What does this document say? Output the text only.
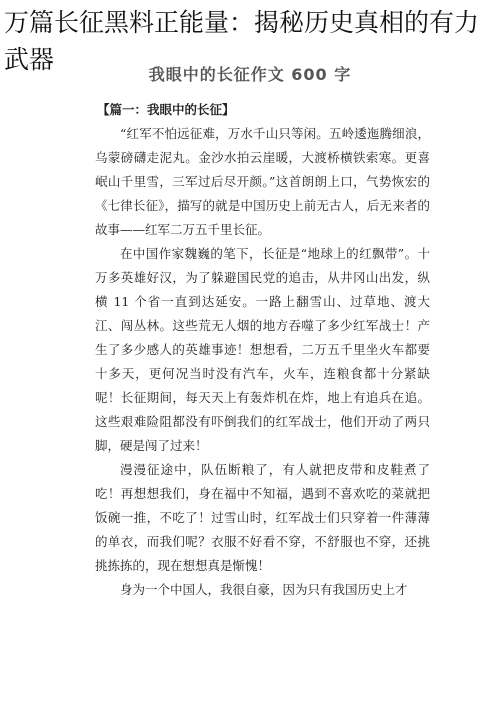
万篇长征黑料正能量：揭秘历史真相的有力武器
我眼中的长征作文 600 字

【篇一：我眼中的长征】

“红军不怕远征难，万水千山只等闲。五岭逶迤腾细浪，乌蒙磅礴走泥丸。金沙水拍云崖暖，大渡桥横铁索寒。更喜岷山千里雪，三军过后尽开颜。”这首朗朗上口，气势恢宏的《七律长征》，描写的就是中国历史上前无古人，后无来者的故事——红军二万五千里长征。

在中国作家魏巍的笔下，长征是“地球上的红飘带”。十万多英雄好汉，为了躲避国民党的追击，从井冈山出发，纵横 11 个省一直到达延安。一路上翻雪山、过草地、渡大江、闯丛林。这些荒无人烟的地方吞噬了多少红军战士！产生了多少感人的英雄事迹！想想看，二万五千里坐火车都要十多天，更何况当时没有汽车，火车，连粮食都十分紧缺呢！长征期间，每天天上有轰炸机在炸，地上有追兵在追。这些艰难险阻都没有吓倒我们的红军战士，他们开动了两只脚，硬是闯了过来！

漫漫征途中，队伍断粮了，有人就把皮带和皮鞋煮了吃！再想想我们，身在福中不知福，遇到不喜欢吃的菜就把饭碗一推，不吃了！过雪山时，红军战士们只穿着一件薄薄的单衣，而我们呢？衣服不好看不穿，不舒服也不穿，还挑挑拣拣的，现在想想真是惭愧！

身为一个中国人，我很自豪，因为只有我国历史上才
